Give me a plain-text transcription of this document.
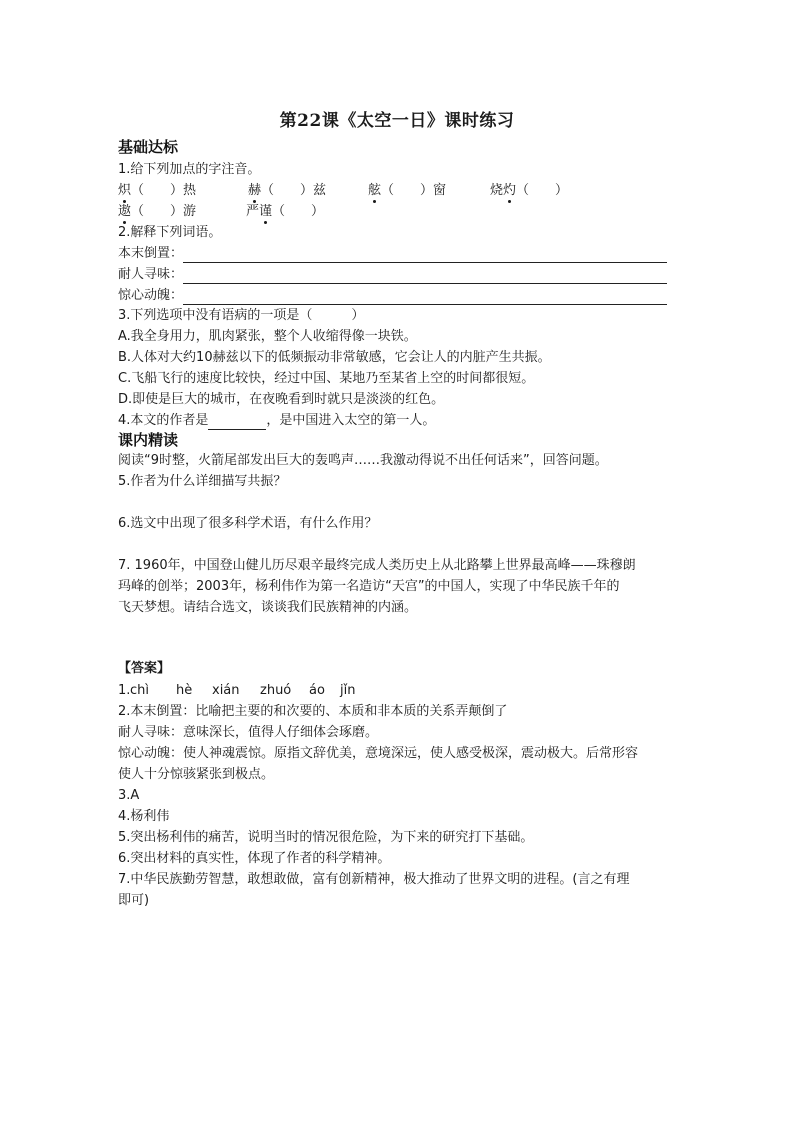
第22课《太空一日》课时练习
基础达标
1.给下列加点的字注音。
炽（　　）热	赫（　　）兹	舷（　　）窗	烧灼（　　）
遨（　　）游	严谨（　　）
2.解释下列词语。
本末倒置：
耐人寻味：
惊心动魄：
3.下列选项中没有语病的一项是（　　　）
A.我全身用力，肌肉紧张，整个人收缩得像一块铁。
B.人体对大约10赫兹以下的低频振动非常敏感，它会让人的内脏产生共振。
C.飞船飞行的速度比较快，经过中国、某地乃至某省上空的时间都很短。
D.即使是巨大的城市，在夜晚看到时就只是淡淡的红色。
4.本文的作者是	，是中国进入太空的第一人。
课内精读
阅读“9时整，火箭尾部发出巨大的轰鸣声……我激动得说不出任何话来”，回答问题。
5.作者为什么详细描写共振？
6.选文中出现了很多科学术语，有什么作用？
7. 1960年，中国登山健儿历尽艰辛最终完成人类历史上从北路攀上世界最高峰——珠穆朗
玛峰的创举；2003年，杨利伟作为第一名造访“天宫”的中国人，实现了中华民族千年的
飞天梦想。请结合选文，谈谈我们民族精神的内涵。
【答案】
1. chì hè xián zhuó áo jǐn
2.本末倒置：比喻把主要的和次要的、本质和非本质的关系弄颠倒了
耐人寻味：意味深长，值得人仔细体会琢磨。
惊心动魄：使人神魂震惊。原指文辞优美，意境深远，使人感受极深，震动极大。后常形容
使人十分惊骇紧张到极点。
3.A
4.杨利伟
5.突出杨利伟的痛苦，说明当时的情况很危险，为下来的研究打下基础。
6.突出材料的真实性，体现了作者的科学精神。
7.中华民族勤劳智慧，敢想敢做，富有创新精神，极大推动了世界文明的进程。(言之有理
即可)
